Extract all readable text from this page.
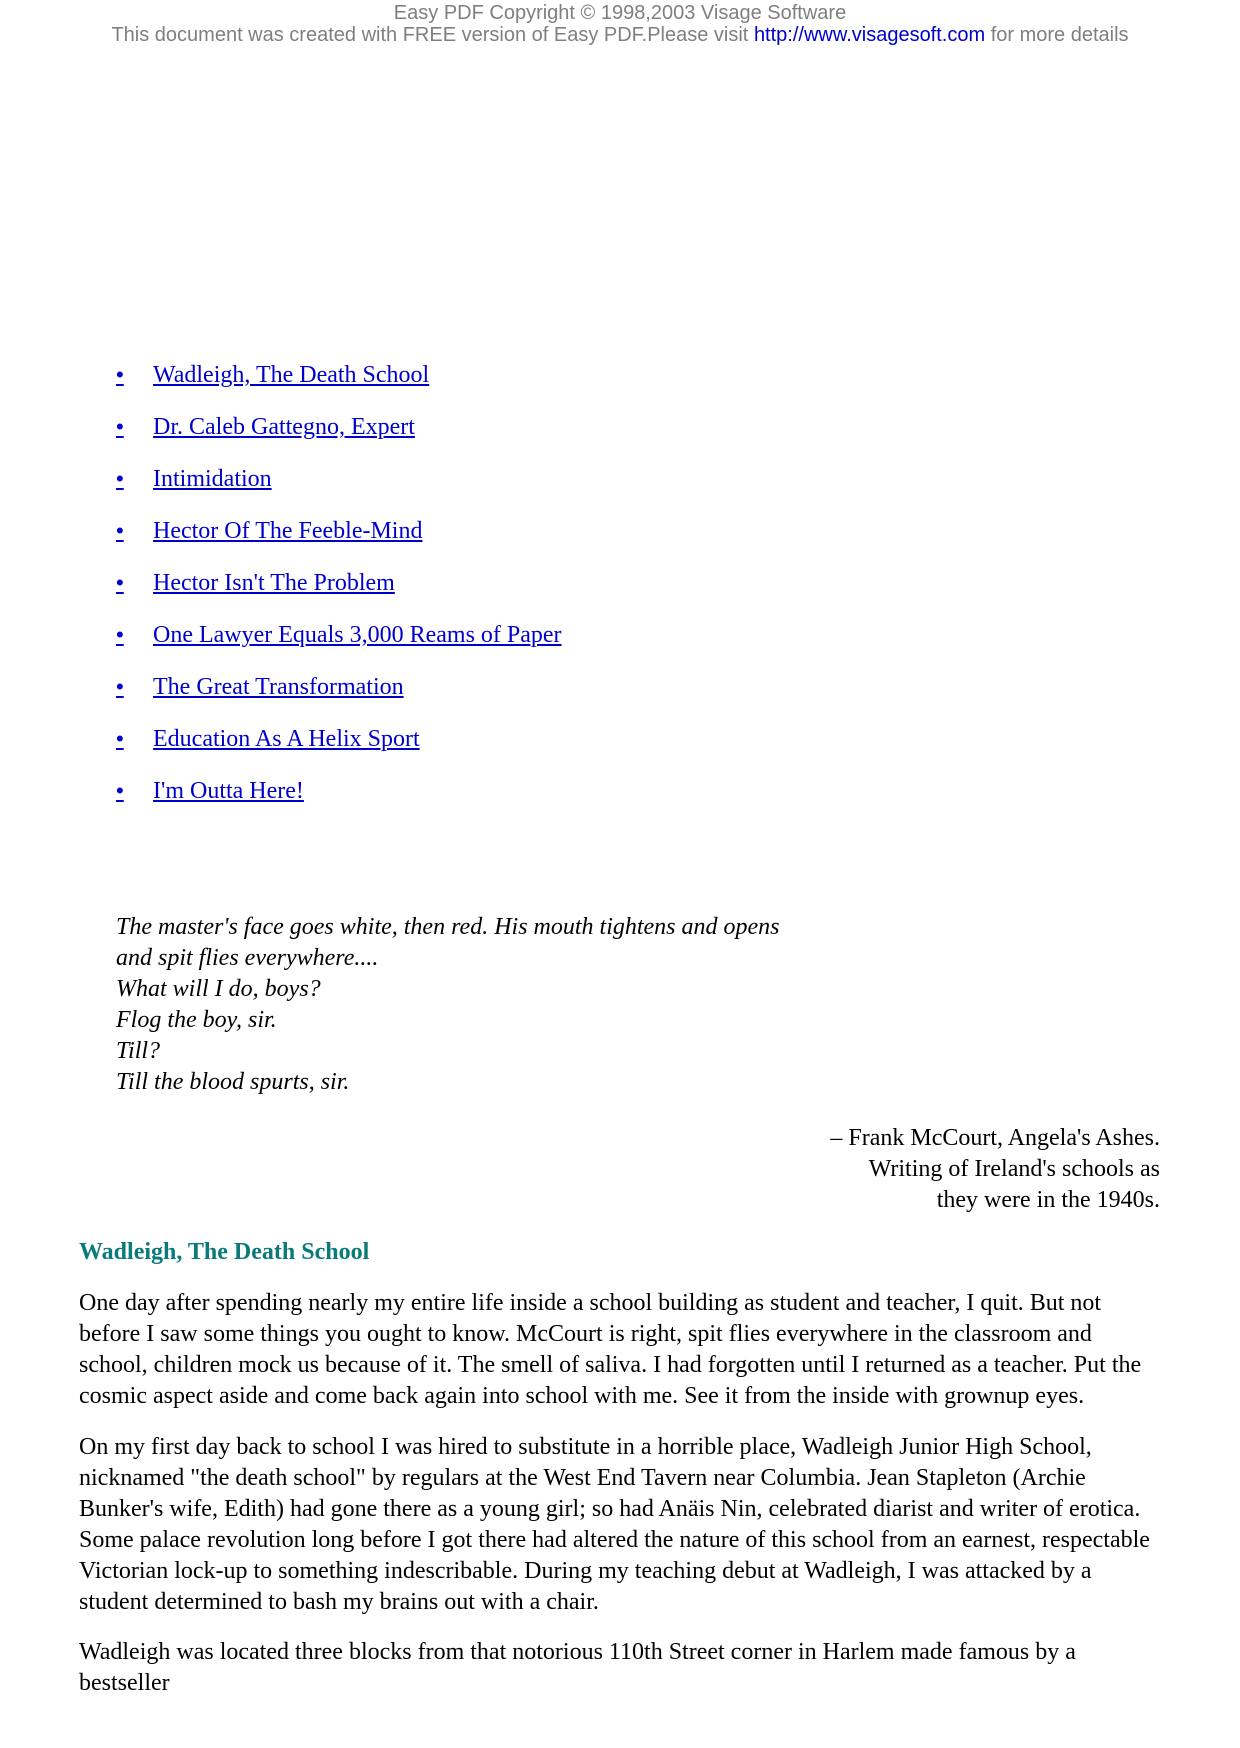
Easy PDF Copyright © 1998,2003 Visage Software
This document was created with FREE version of Easy PDF.Please visit http://www.visagesoft.com for more details
•	Wadleigh, The Death School
•	Dr. Caleb Gattegno, Expert
•	Intimidation
•	Hector Of The Feeble-Mind
•	Hector Isn't The Problem
•	One Lawyer Equals 3,000 Reams of Paper
•	The Great Transformation
•	Education As A Helix Sport
•	I'm Outta Here!
The master's face goes white, then red. His mouth tightens and opens
and spit flies everywhere....
What will I do, boys?
Flog the boy, sir.
Till?
Till the blood spurts, sir.
– Frank McCourt, Angela's Ashes.
Writing of Ireland's schools as
they were in the 1940s.
Wadleigh, The Death School

One day after spending nearly my entire life inside a school building as student and teacher, I quit. But not before I saw some things you ought to know. McCourt is right, spit flies everywhere in the classroom and school, children mock us because of it. The smell of saliva. I had forgotten until I returned as a teacher. Put the cosmic aspect aside and come back again into school with me. See it from the inside with grownup eyes.

On my first day back to school I was hired to substitute in a horrible place, Wadleigh Junior High School, nicknamed "the death school" by regulars at the West End Tavern near Columbia. Jean Stapleton (Archie Bunker's wife, Edith) had gone there as a young girl; so had Anäis Nin, celebrated diarist and writer of erotica. Some palace revolution long before I got there had altered the nature of this school from an earnest, respectable Victorian lock-up to something indescribable. During my teaching debut at Wadleigh, I was attacked by a student determined to bash my brains out with a chair.

Wadleigh was located three blocks from that notorious 110th Street corner in Harlem made famous by a bestseller
